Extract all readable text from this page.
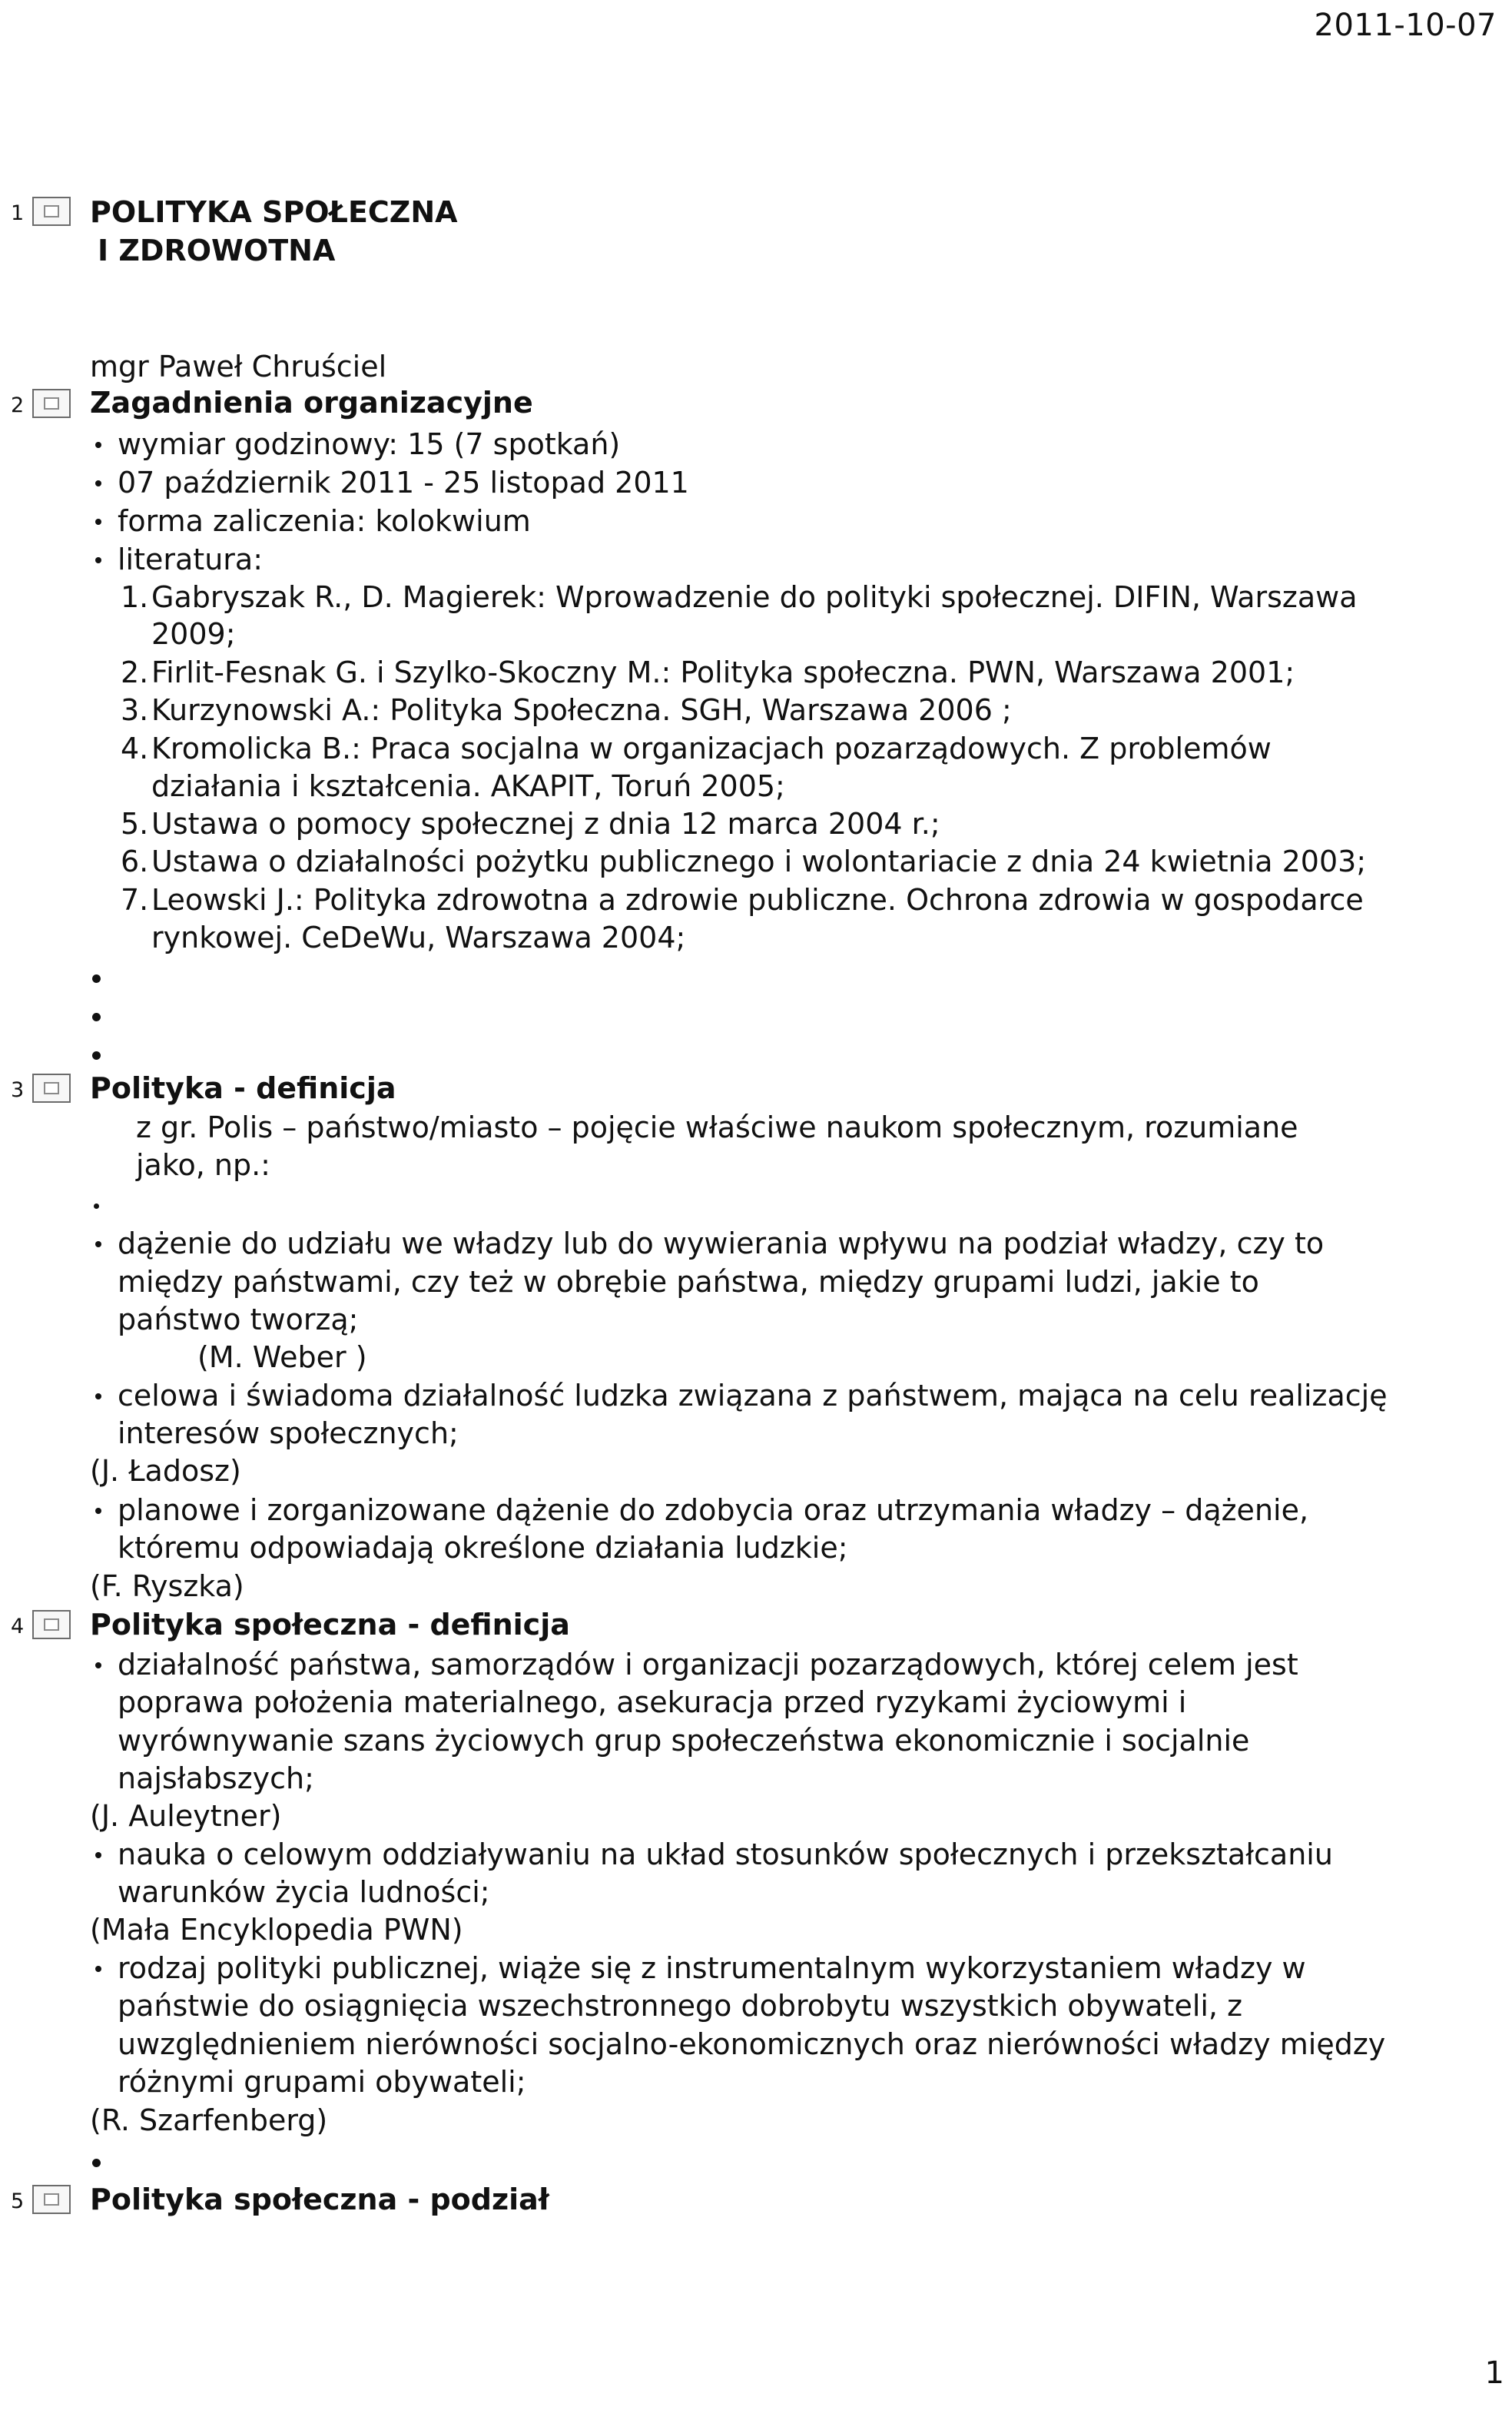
2011-10-07
1 POLITYKA SPOŁECZNA
I ZDROWOTNA
mgr Paweł Chruściel
2 Zagadnienia organizacyjne
wymiar godzinowy: 15 (7 spotkań)
07 październik 2011 - 25 listopad 2011
forma zaliczenia: kolokwium
literatura:
1. Gabryszak R., D. Magierek: Wprowadzenie do polityki społecznej. DIFIN, Warszawa
2009;
2. Firlit-Fesnak G. i Szylko-Skoczny M.: Polityka społeczna. PWN, Warszawa 2001;
3. Kurzynowski A.: Polityka Społeczna. SGH, Warszawa 2006 ;
4. Kromolicka B.: Praca socjalna w organizacjach pozarządowych. Z problemów
działania i kształcenia. AKAPIT, Toruń 2005;
5. Ustawa o pomocy społecznej z dnia 12 marca 2004 r.;
6. Ustawa o działalności pożytku publicznego i wolontariacie z dnia 24 kwietnia 2003;
7. Leowski J.: Polityka zdrowotna a zdrowie publiczne. Ochrona zdrowia w gospodarce
rynkowej. CeDeWu, Warszawa 2004;
3 Polityka - definicja
z gr. Polis – państwo/miasto – pojęcie właściwe naukom społecznym, rozumiane
jako, np.:
dążenie do udziału we władzy lub do wywierania wpływu na podział władzy, czy to
między państwami, czy też w obrębie państwa, między grupami ludzi, jakie to
państwo tworzą;
(M. Weber )
celowa i świadoma działalność ludzka związana z państwem, mająca na celu realizację
interesów społecznych;
(J. Ładosz)
planowe i zorganizowane dążenie do zdobycia oraz utrzymania władzy – dążenie,
któremu odpowiadają określone działania ludzkie;
(F. Ryszka)
4 Polityka społeczna - definicja
działalność państwa, samorządów i organizacji pozarządowych, której celem jest
poprawa położenia materialnego, asekuracja przed ryzykami życiowymi i
wyrównywanie szans życiowych grup społeczeństwa ekonomicznie i socjalnie
najsłabszych;
(J. Auleytner)
nauka o celowym oddziaływaniu na układ stosunków społecznych i przekształcaniu
warunków życia ludności;
(Mała Encyklopedia PWN)
rodzaj polityki publicznej, wiąże się z instrumentalnym wykorzystaniem władzy w
państwie do osiągnięcia wszechstronnego dobrobytu wszystkich obywateli, z
uwzględnieniem nierówności socjalno-ekonomicznych oraz nierówności władzy między
różnymi grupami obywateli;
(R. Szarfenberg)
5 Polityka społeczna - podział
1
